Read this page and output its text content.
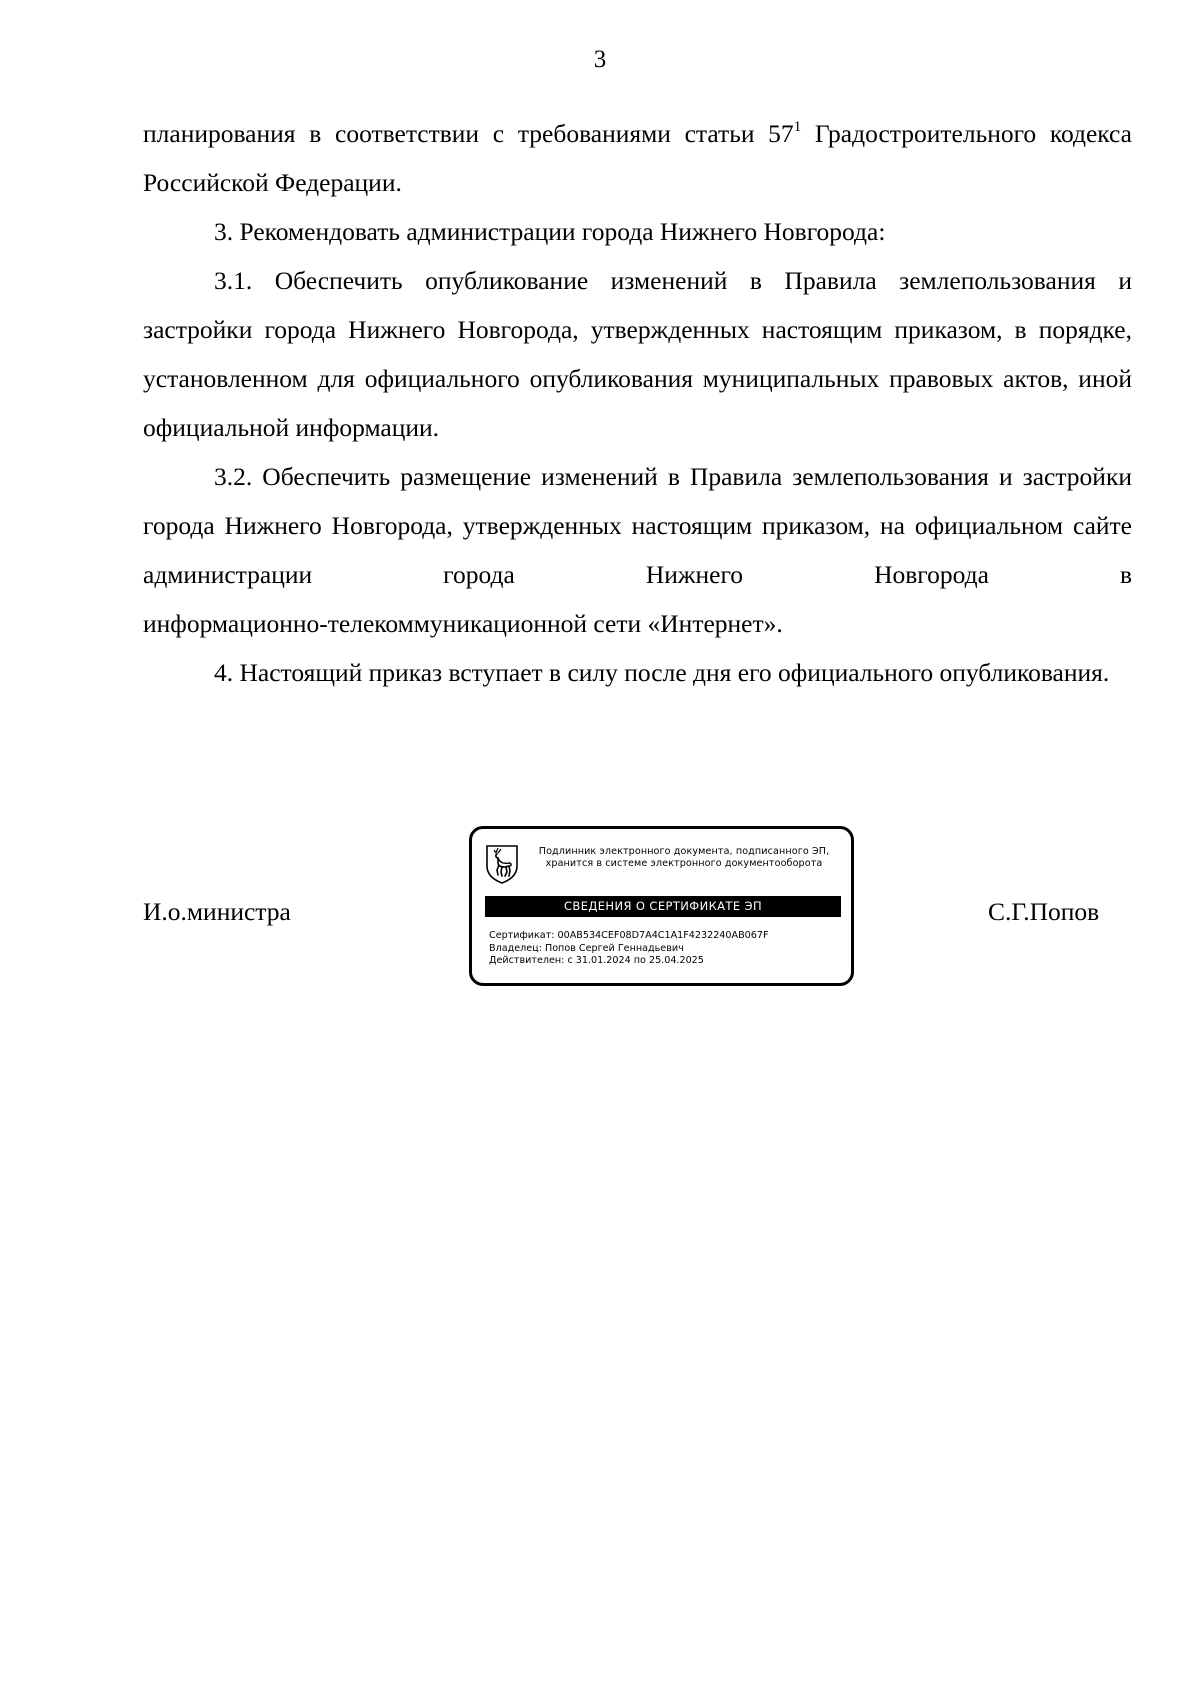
3

планирования в соответствии с требованиями статьи $57^1$ Градостроительного кодекса Российской Федерации.

3. Рекомендовать администрации города Нижнего Новгорода:

3.1. Обеспечить опубликование изменений в Правила землепользования и застройки города Нижнего Новгорода, утвержденных настоящим приказом, в порядке, установленном для официального опубликования муниципальных правовых актов, иной официальной информации.

3.2. Обеспечить размещение изменений в Правила землепользования и застройки города Нижнего Новгорода, утвержденных настоящим приказом, на официальном сайте администрации города Нижнего Новгорода в

информационно-телекоммуникационной сети «Интернет».

4. Настоящий приказ вступает в силу после дня его официального опубликования.

И.о.министра
Подлинник электронного документа, подписанного ЭП,
хранится в системе электронного документооборота
СВЕДЕНИЯ О СЕРТИФИКАТЕ ЭП
Сертификат: 00AB534CEF08D7A4C1A1F4232240AB067F
Владелец: Попов Сергей Геннадьевич
Действителен: с 31.01.2024 по 25.04.2025
С.Г.Попов
